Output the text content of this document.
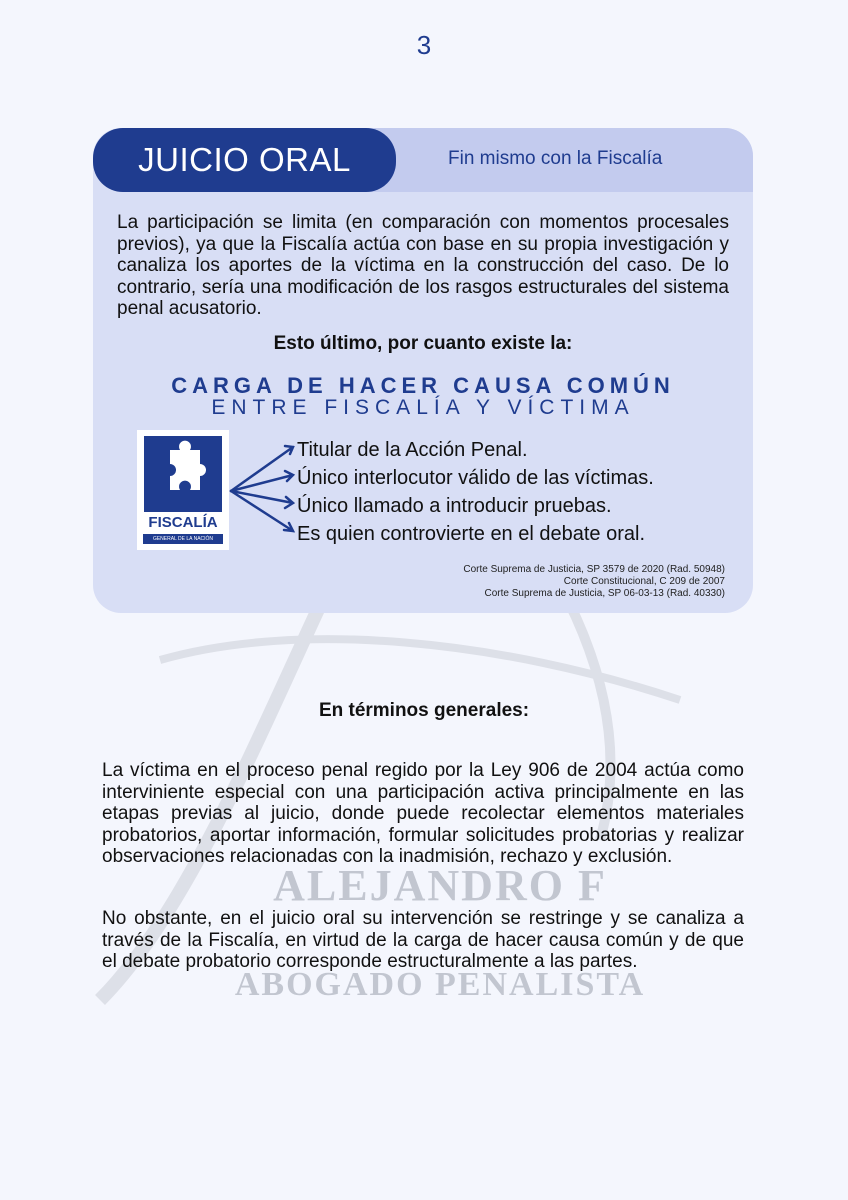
3
ALEJANDRO F
ABOGADO PENALISTA
Fin mismo con la Fiscalía
JUICIO ORAL
La participación se limita (en comparación con momentos procesales previos), ya que la Fiscalía actúa con base en su propia investigación y canaliza los aportes de la víctima en la construcción del caso. De lo contrario, sería una modificación de los rasgos estructurales del sistema penal acusatorio.
Esto último, por cuanto existe la:
CARGA DE HACER CAUSA COMÚN
ENTRE FISCALÍA Y VÍCTIMA
FISCALÍA
GENERAL DE LA NACIÓN
Titular de la Acción Penal.
Único interlocutor válido de las víctimas.
Único llamado a introducir pruebas.
Es quien controvierte en el debate oral.
Corte Suprema de Justicia, SP 3579 de 2020 (Rad. 50948)
Corte Constitucional, C 209 de 2007
Corte Suprema de Justicia, SP 06-03-13 (Rad. 40330)
En términos generales:
La víctima en el proceso penal regido por la Ley 906 de 2004 actúa como interviniente especial con una participación activa principalmente en las etapas previas al juicio, donde puede recolectar elementos materiales probatorios, aportar información, formular solicitudes probatorias y realizar observaciones relacionadas con la inadmisión, rechazo y exclusión.
No obstante, en el juicio oral su intervención se restringe y se canaliza a través de la Fiscalía, en virtud de la carga de hacer causa común y de que el debate probatorio corresponde estructuralmente a las partes.
